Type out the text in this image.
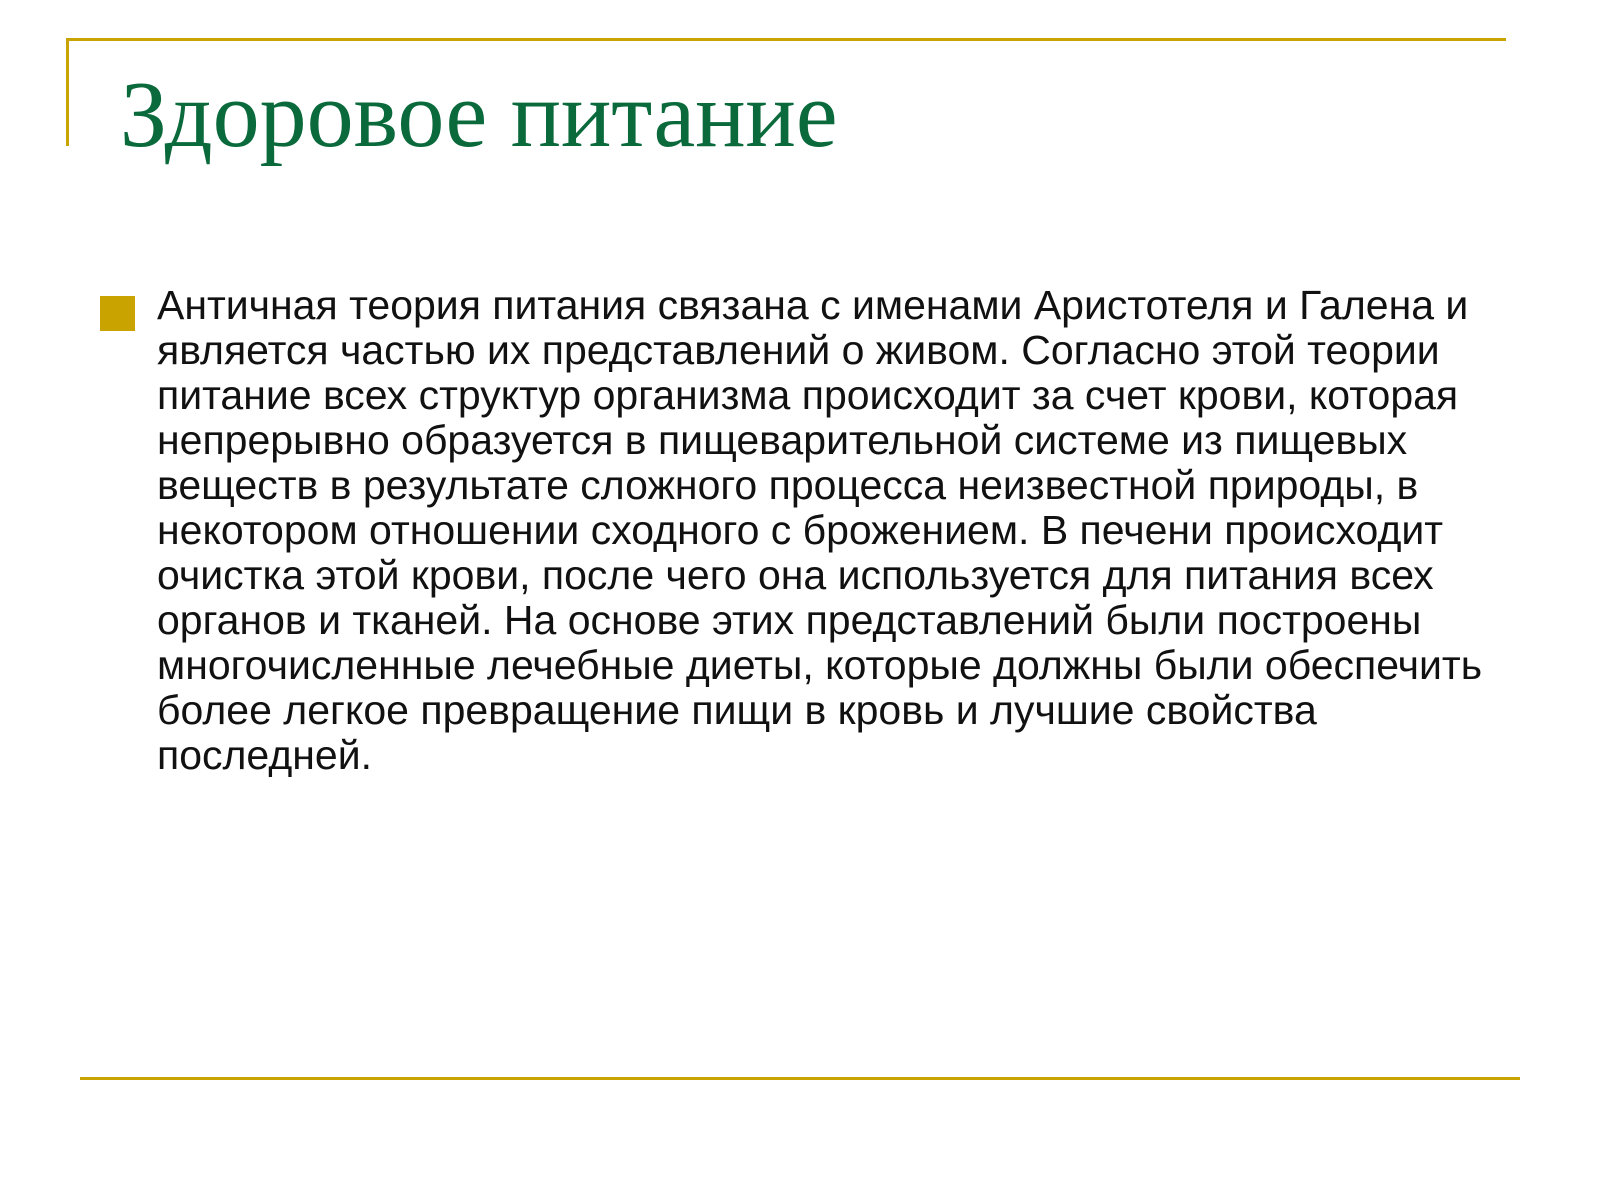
Здоровое питание
Античная теория питания связана с именами Аристотеля и Галена и является частью их представлений о живом. Согласно этой теории питание всех структур организма происходит за счет крови, которая непрерывно образуется в пищеварительной системе из пищевых веществ в результате сложного процесса неизвестной природы, в некотором отношении сходного с брожением. В печени происходит очистка этой крови, после чего она используется для питания всех органов и тканей. На основе этих представлений были построены многочисленные лечебные диеты, которые должны были обеспечить более легкое превращение пищи в кровь и лучшие свойства последней.
